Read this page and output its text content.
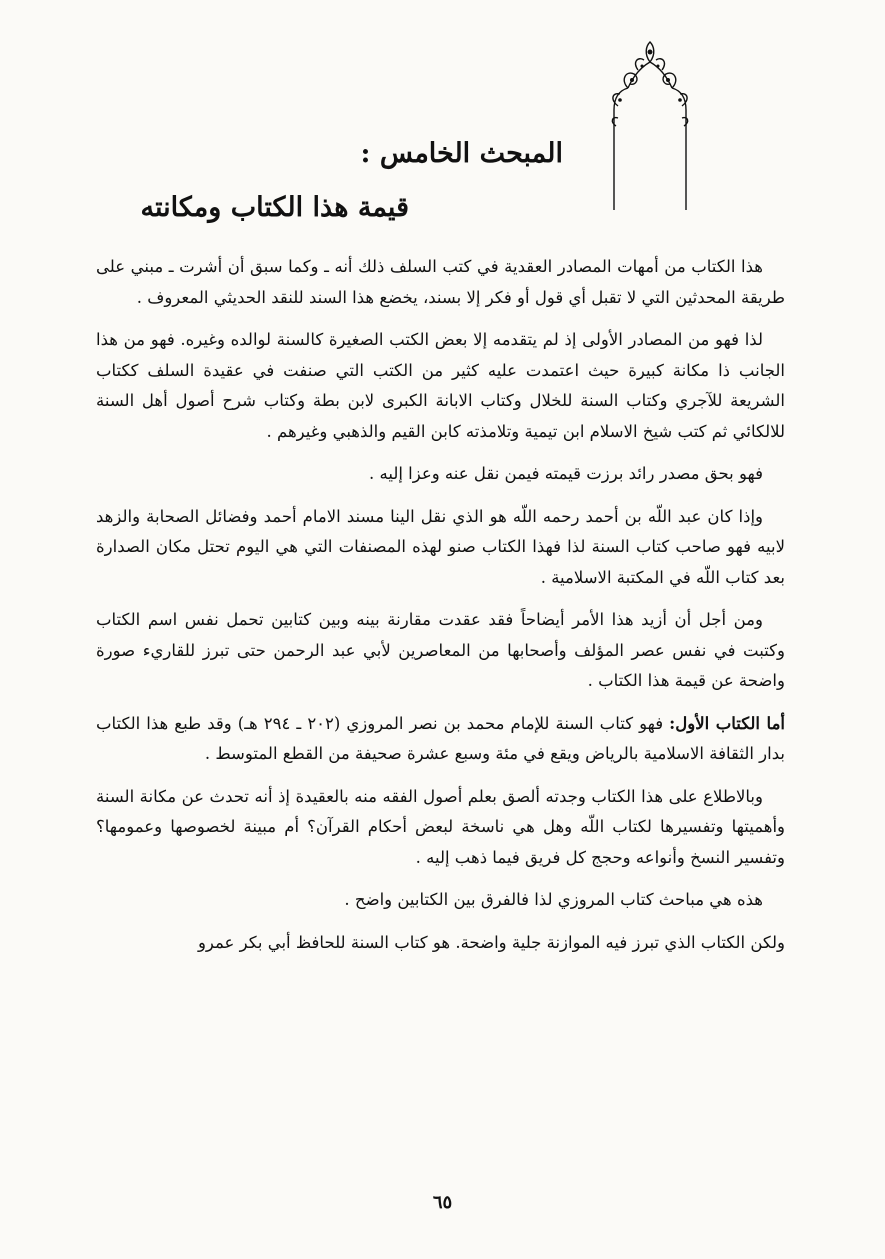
المبحث الخامس :
قيمة هذا الكتاب ومكانته

هذا الكتاب من أمهات المصادر العقدية في كتب السلف ذلك أنه ـ وكما سبق أن أشرت ـ مبني على طريقة المحدثين التي لا تقبل أي قول أو فكر إلا بسند، يخضع هذا السند للنقد الحديثي المعروف .

لذا فهو من المصادر الأولى إذ لم يتقدمه إلا بعض الكتب الصغيرة كالسنة لوالده وغيره. فهو من هذا الجانب ذا مكانة كبيرة حيث اعتمدت عليه كثير من الكتب التي صنفت في عقيدة السلف ككتاب الشريعة للآجري وكتاب السنة للخلال وكتاب الابانة الكبرى لابن بطة وكتاب شرح أصول أهل السنة للالكائي ثم كتب شيخ الاسلام ابن تيمية وتلامذته كابن القيم والذهبي وغيرهم .

فهو بحق مصدر رائد برزت قيمته فيمن نقل عنه وعزا إليه .

وإذا كان عبد اللّه بن أحمد رحمه اللّه هو الذي نقل الينا مسند الامام أحمد وفضائل الصحابة والزهد لابيه فهو صاحب كتاب السنة لذا فهذا الكتاب صنو لهذه المصنفات التي هي اليوم تحتل مكان الصدارة بعد كتاب اللّه في المكتبة الاسلامية .

ومن أجل أن أزيد هذا الأمر أيضاحاً فقد عقدت مقارنة بينه وبين كتابين تحمل نفس اسم الكتاب وكتبت في نفس عصر المؤلف وأصحابها من المعاصرين لأبي عبد الرحمن حتى تبرز للقاريء صورة واضحة عن قيمة هذا الكتاب .

أما الكتاب الأول: فهو كتاب السنة للإمام محمد بن نصر المروزي (٢٠٢ ـ ٢٩٤ هـ) وقد طبع هذا الكتاب بدار الثقافة الاسلامية بالرياض ويقع في مئة وسبع عشرة صحيفة من القطع المتوسط .

وبالاطلاع على هذا الكتاب وجدته ألصق بعلم أصول الفقه منه بالعقيدة إذ أنه تحدث عن مكانة السنة وأهميتها وتفسيرها لكتاب اللّه وهل هي ناسخة لبعض أحكام القرآن؟ أم مبينة لخصوصها وعمومها؟ وتفسير النسخ وأنواعه وحجج كل فريق فيما ذهب إليه .

هذه هي مباحث كتاب المروزي لذا فالفرق بين الكتابين واضح .

ولكن الكتاب الذي تبرز فيه الموازنة جلية واضحة. هو كتاب السنة للحافظ أبي بكر عمرو

٦٥
